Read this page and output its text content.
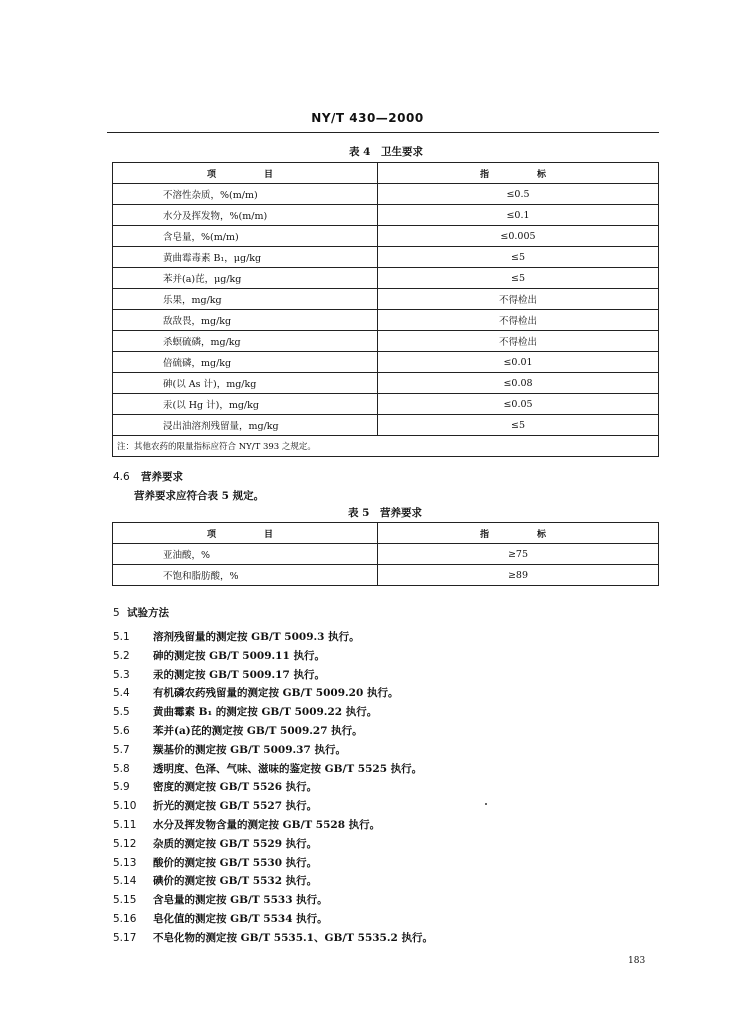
NY/T 430—2000
表 4　卫生要求
项　　目	指　　标
不溶性杂质，%(m/m)	≤0.5
水分及挥发物，%(m/m)	≤0.1
含皂量，%(m/m)	≤0.005
黄曲霉毒素 B₁，μg/kg	≤5
苯并(a)芘，μg/kg	≤5
乐果，mg/kg	不得检出
敌敌畏，mg/kg	不得检出
杀螟硫磷，mg/kg	不得检出
倍硫磷，mg/kg	≤0.01
砷(以 As 计)，mg/kg	≤0.08
汞(以 Hg 计)，mg/kg	≤0.05
浸出油溶剂残留量，mg/kg	≤5
注：其他农药的限量指标应符合 NY/T 393 之规定。	
4.6 营养要求
营养要求应符合表 5 规定。
表 5　营养要求
项　　目	指　　标
亚油酸，%	≥75
不饱和脂肪酸，%	≥89
5 试验方法
5.1 溶剂残留量的测定按 GB/T 5009.3 执行。
5.2 砷的测定按 GB/T 5009.11 执行。
5.3 汞的测定按 GB/T 5009.17 执行。
5.4 有机磷农药残留量的测定按 GB/T 5009.20 执行。
5.5 黄曲霉素 B₁ 的测定按 GB/T 5009.22 执行。
5.6 苯并(a)芘的测定按 GB/T 5009.27 执行。
5.7 羰基价的测定按 GB/T 5009.37 执行。
5.8 透明度、色泽、气味、滋味的鉴定按 GB/T 5525 执行。
5.9 密度的测定按 GB/T 5526 执行。
5.10 折光的测定按 GB/T 5527 执行。
5.11 水分及挥发物含量的测定按 GB/T 5528 执行。
5.12 杂质的测定按 GB/T 5529 执行。
5.13 酸价的测定按 GB/T 5530 执行。
5.14 碘价的测定按 GB/T 5532 执行。
5.15 含皂量的测定按 GB/T 5533 执行。
5.16 皂化值的测定按 GB/T 5534 执行。
5.17 不皂化物的测定按 GB/T 5535.1、GB/T 5535.2 执行。
183
